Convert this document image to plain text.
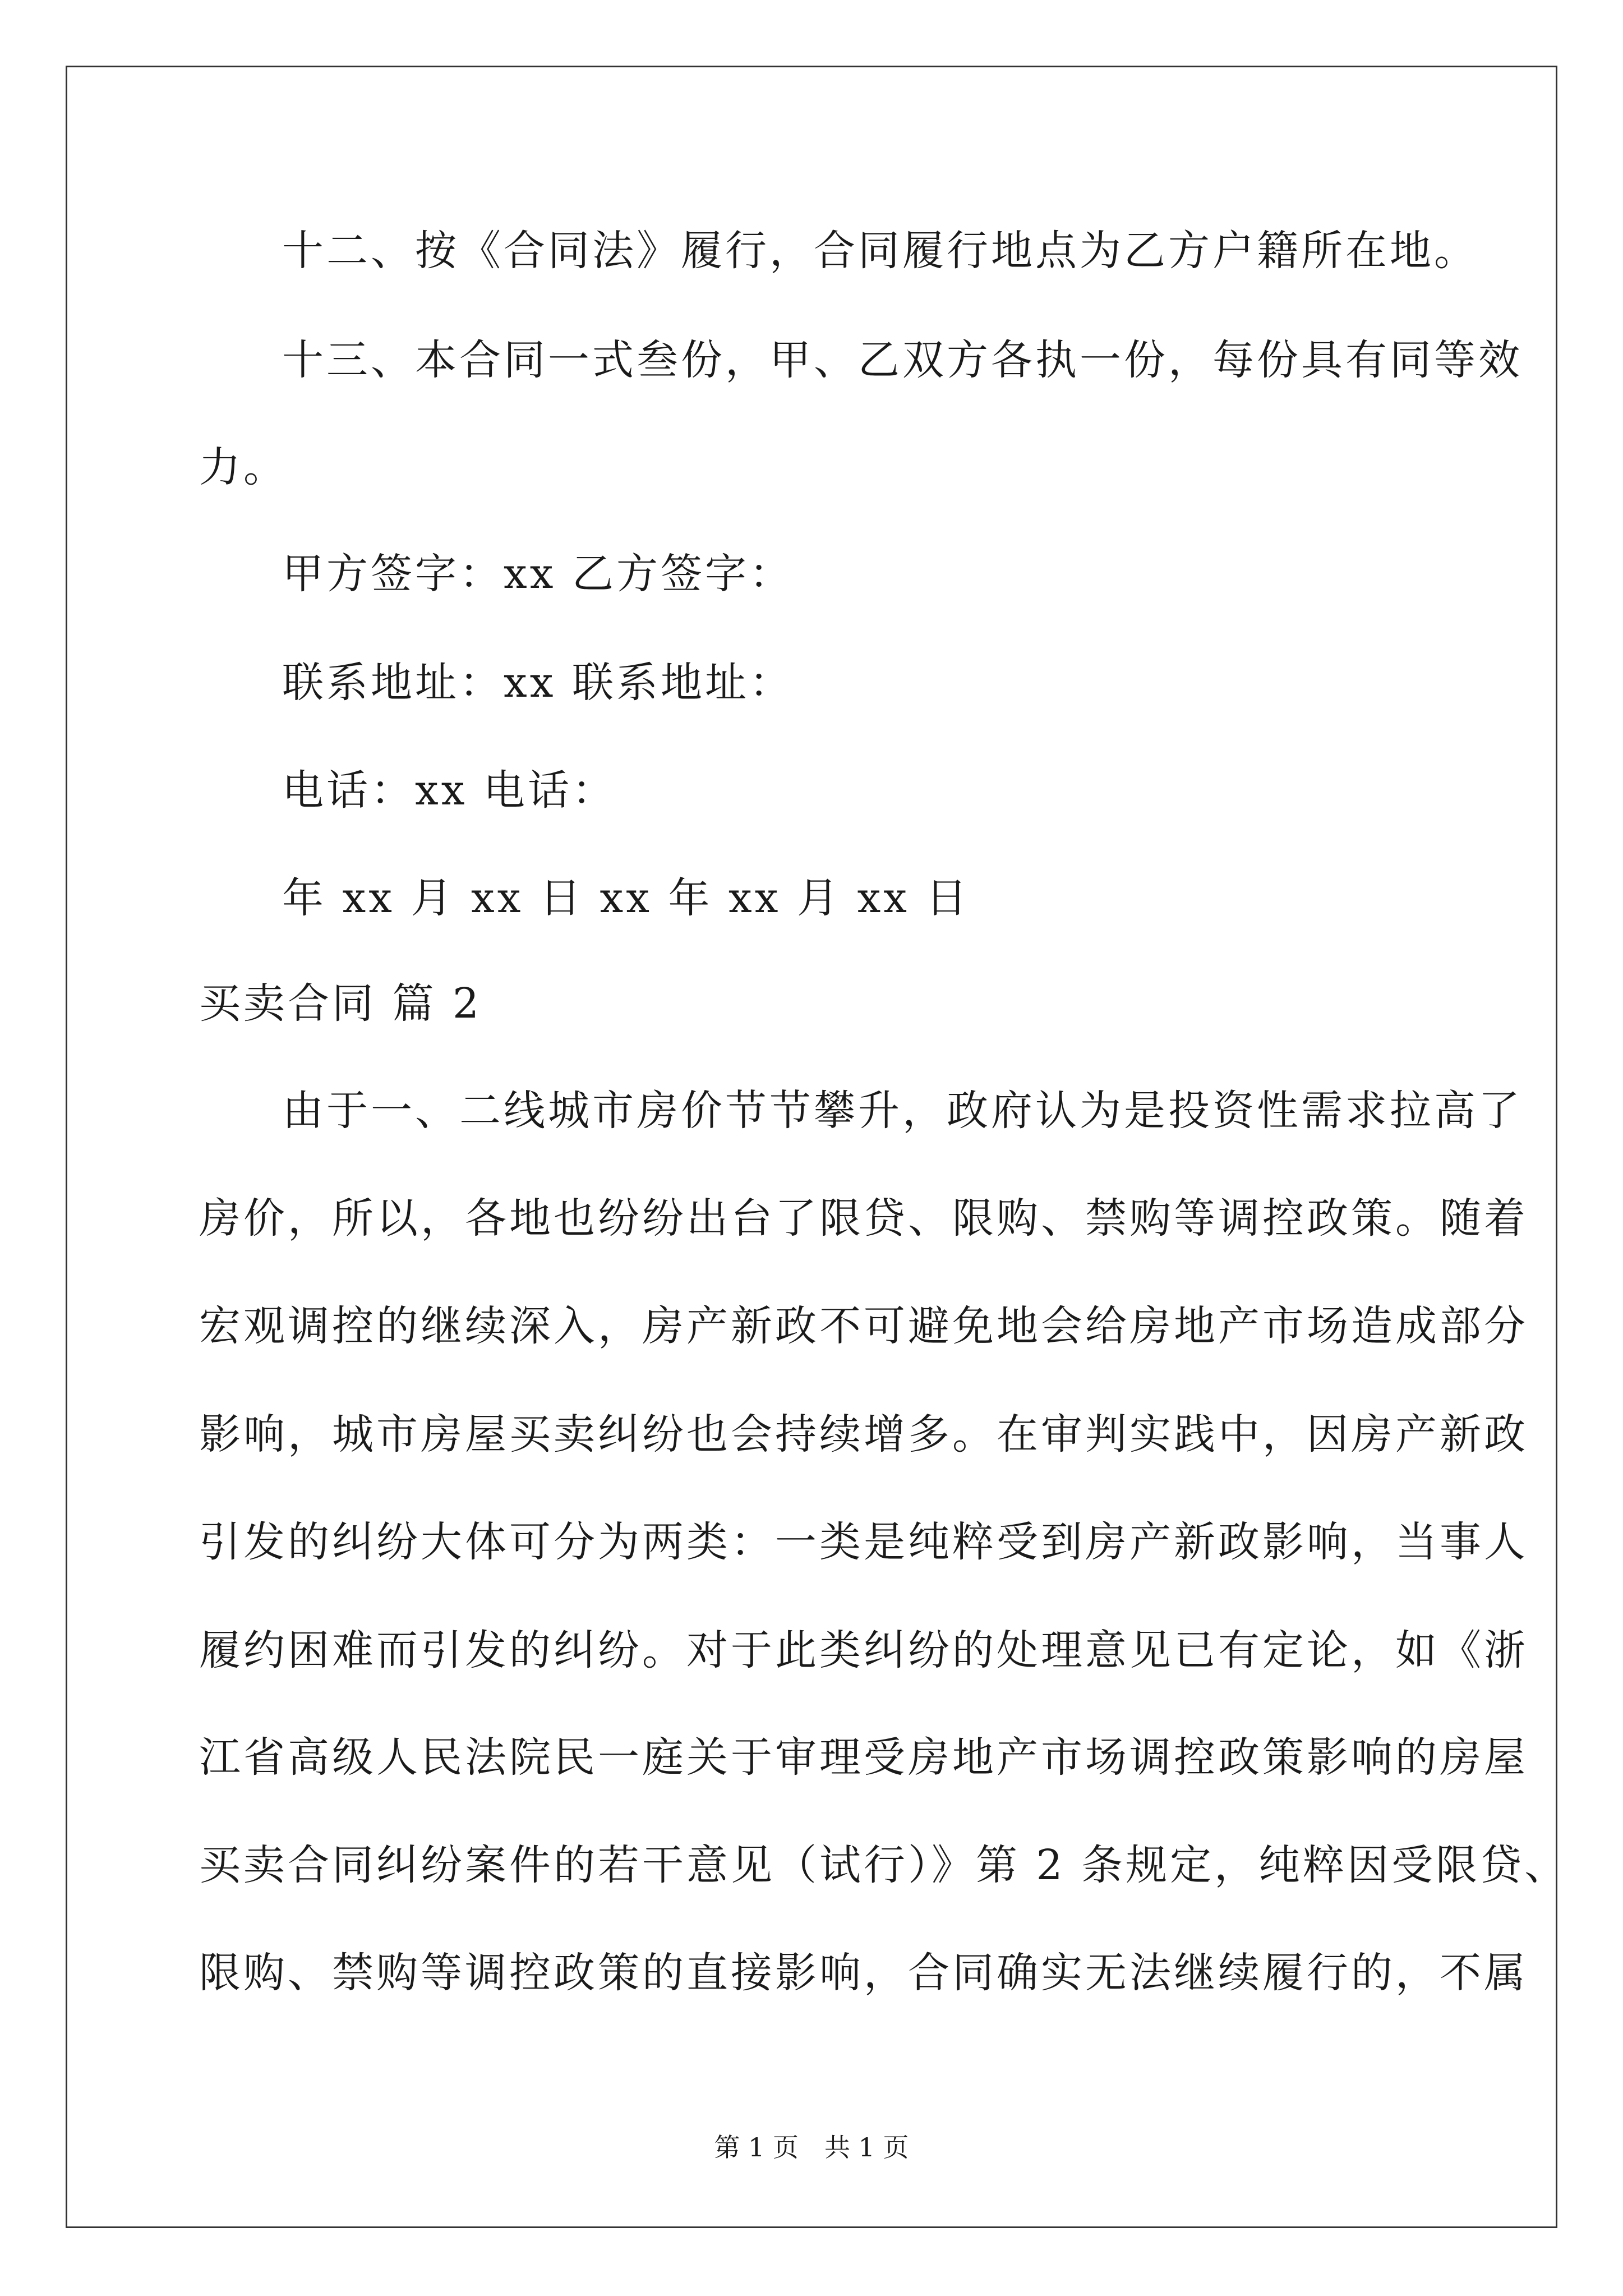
十二、按《合同法》履行，合同履行地点为乙方户籍所在地。
十三、本合同一式叁份，甲、乙双方各执一份，每份具有同等效
力。
甲方签字：xx 乙方签字：
联系地址：xx 联系地址：
电话：xx 电话：
年 xx 月 xx 日 xx 年 xx 月 xx 日
买卖合同 篇 2
由于一、二线城市房价节节攀升，政府认为是投资性需求拉高了
房价，所以，各地也纷纷出台了限贷、限购、禁购等调控政策。随着
宏观调控的继续深入，房产新政不可避免地会给房地产市场造成部分
影响，城市房屋买卖纠纷也会持续增多。在审判实践中，因房产新政
引发的纠纷大体可分为两类：一类是纯粹受到房产新政影响，当事人
履约困难而引发的纠纷。对于此类纠纷的处理意见已有定论，如《浙
江省高级人民法院民一庭关于审理受房地产市场调控政策影响的房屋
买卖合同纠纷案件的若干意见（试行）》第 2 条规定，纯粹因受限贷、
限购、禁购等调控政策的直接影响，合同确实无法继续履行的，不属
第 1 页　共 1 页
